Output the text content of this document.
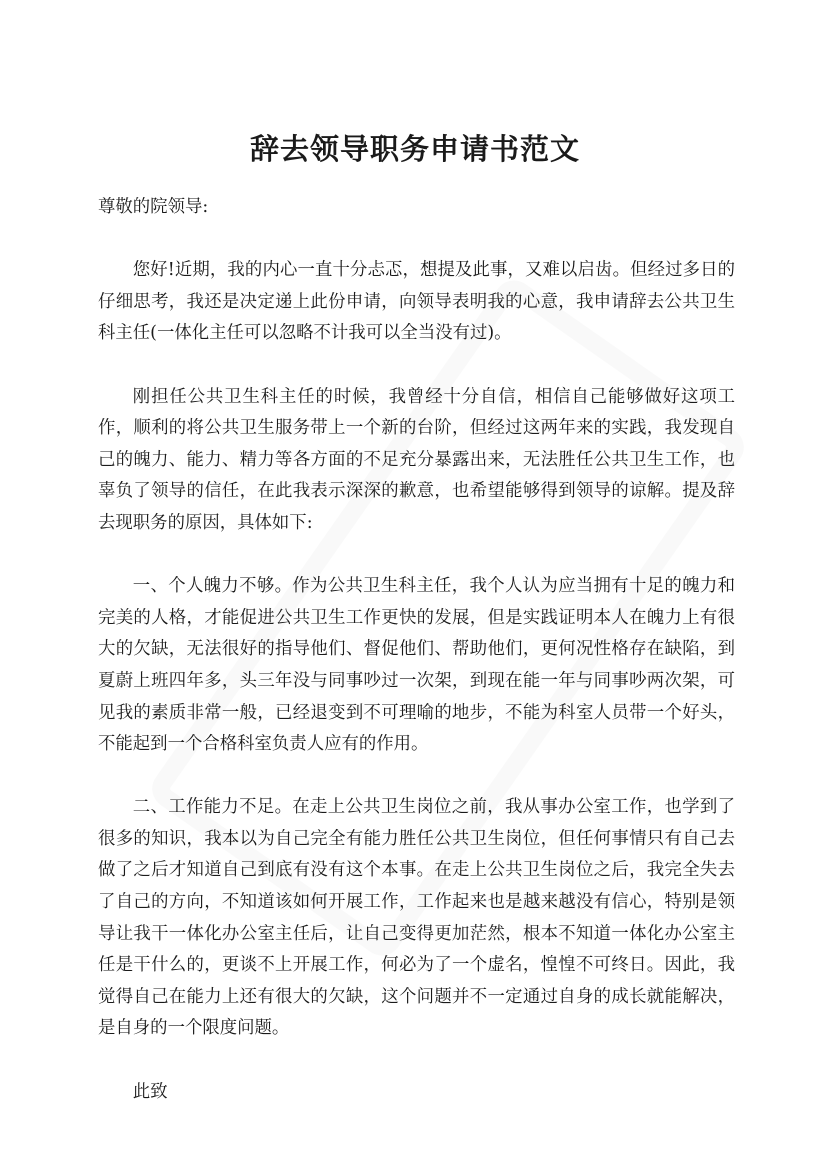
辞去领导职务申请书范文

尊敬的院领导:

您好!近期，我的内心一直十分忐忑，想提及此事，又难以启齿。但经过多日的仔细思考，我还是决定递上此份申请，向领导表明我的心意，我申请辞去公共卫生科主任(一体化主任可以忽略不计我可以全当没有过)。

刚担任公共卫生科主任的时候，我曾经十分自信，相信自己能够做好这项工作，顺利的将公共卫生服务带上一个新的台阶，但经过这两年来的实践，我发现自己的魄力、能力、精力等各方面的不足充分暴露出来，无法胜任公共卫生工作，也辜负了领导的信任，在此我表示深深的歉意，也希望能够得到领导的谅解。提及辞去现职务的原因，具体如下:

一、个人魄力不够。作为公共卫生科主任，我个人认为应当拥有十足的魄力和完美的人格，才能促进公共卫生工作更快的发展，但是实践证明本人在魄力上有很大的欠缺，无法很好的指导他们、督促他们、帮助他们，更何况性格存在缺陷，到夏蔚上班四年多，头三年没与同事吵过一次架，到现在能一年与同事吵两次架，可见我的素质非常一般，已经退变到不可理喻的地步，不能为科室人员带一个好头，不能起到一个合格科室负责人应有的作用。

二、工作能力不足。在走上公共卫生岗位之前，我从事办公室工作，也学到了很多的知识，我本以为自己完全有能力胜任公共卫生岗位，但任何事情只有自己去做了之后才知道自己到底有没有这个本事。在走上公共卫生岗位之后，我完全失去了自己的方向，不知道该如何开展工作，工作起来也是越来越没有信心，特别是领导让我干一体化办公室主任后，让自己变得更加茫然，根本不知道一体化办公室主任是干什么的，更谈不上开展工作，何必为了一个虚名，惶惶不可终日。因此，我觉得自己在能力上还有很大的欠缺，这个问题并不一定通过自身的成长就能解决，是自身的一个限度问题。

此致
